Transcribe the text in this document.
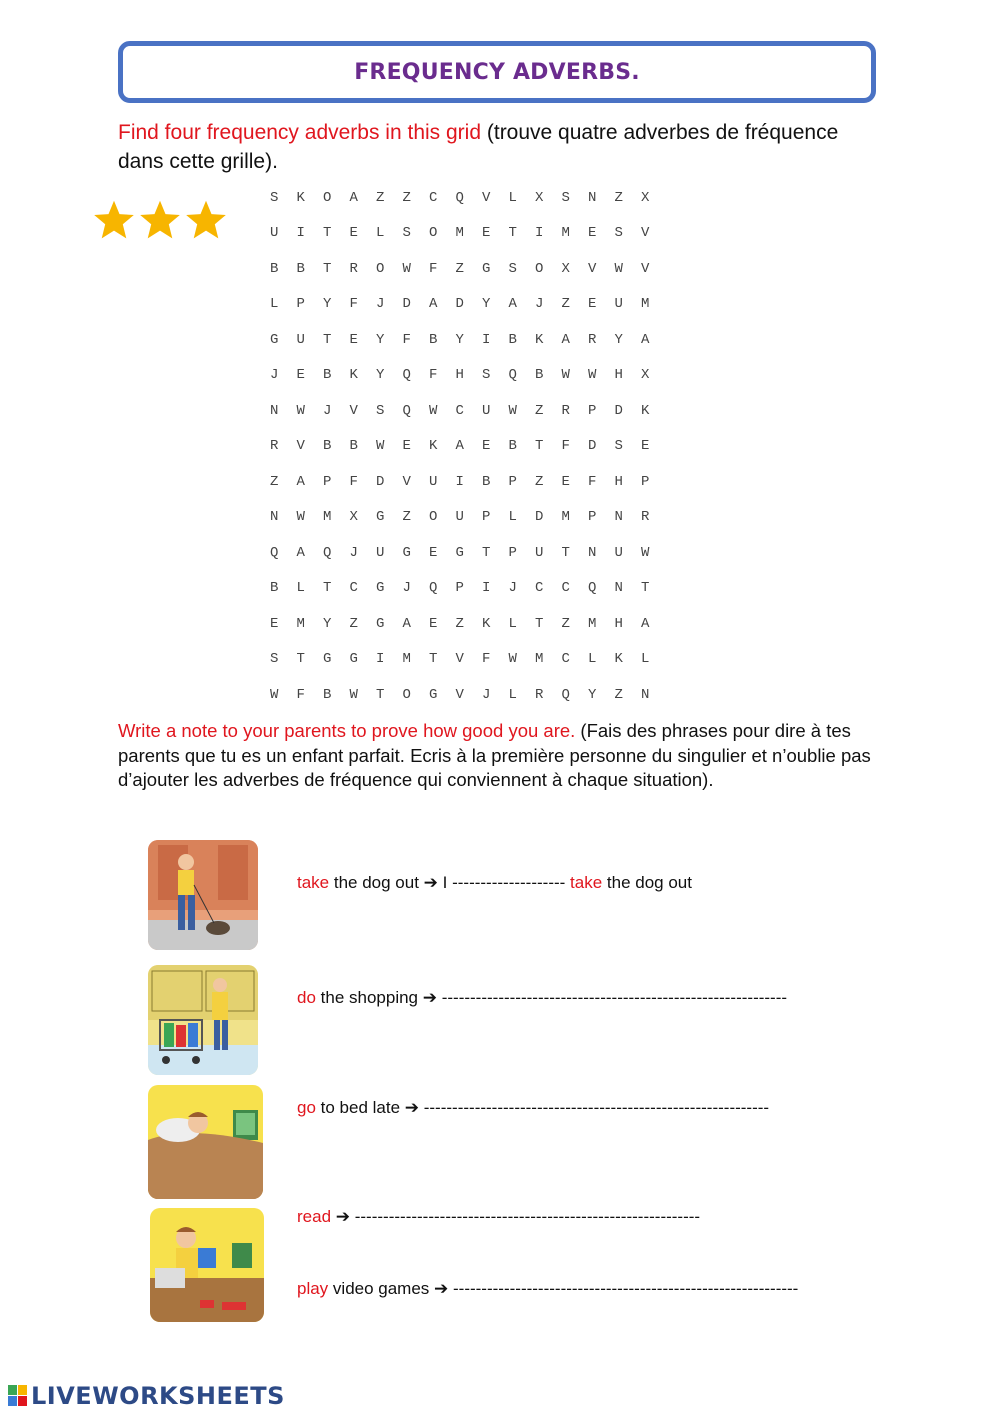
FREQUENCY ADVERBS.
Find four frequency adverbs in this grid (trouve quatre adverbes de fréquence dans cette grille).
S	K	O	A	Z	Z	C	Q	V	L	X	S	N	Z	X
U	I	T	E	L	S	O	M	E	T	I	M	E	S	V
B	B	T	R	O	W	F	Z	G	S	O	X	V	W	V
L	P	Y	F	J	D	A	D	Y	A	J	Z	E	U	M
G	U	T	E	Y	F	B	Y	I	B	K	A	R	Y	A
J	E	B	K	Y	Q	F	H	S	Q	B	W	W	H	X
N	W	J	V	S	Q	W	C	U	W	Z	R	P	D	K
R	V	B	B	W	E	K	A	E	B	T	F	D	S	E
Z	A	P	F	D	V	U	I	B	P	Z	E	F	H	P
N	W	M	X	G	Z	O	U	P	L	D	M	P	N	R
Q	A	Q	J	U	G	E	G	T	P	U	T	N	U	W
B	L	T	C	G	J	Q	P	I	J	C	C	Q	N	T
E	M	Y	Z	G	A	E	Z	K	L	T	Z	M	H	A
S	T	G	G	I	M	T	V	F	W	M	C	L	K	L
W	F	B	W	T	O	G	V	J	L	R	Q	Y	Z	N
Write a note to your parents to prove how good you are. (Fais des phrases pour dire à tes parents que tu es un enfant parfait. Ecris à la première personne du singulier et n’oublie pas d’ajouter les adverbes de fréquence qui conviennent à chaque situation).
take the dog out ➔ I -------------------- take the dog out
do the shopping ➔ -------------------------------------------------------------
go to bed late ➔ -------------------------------------------------------------
read ➔ -------------------------------------------------------------
play video games ➔ -------------------------------------------------------------
LIVEWORKSHEETS
